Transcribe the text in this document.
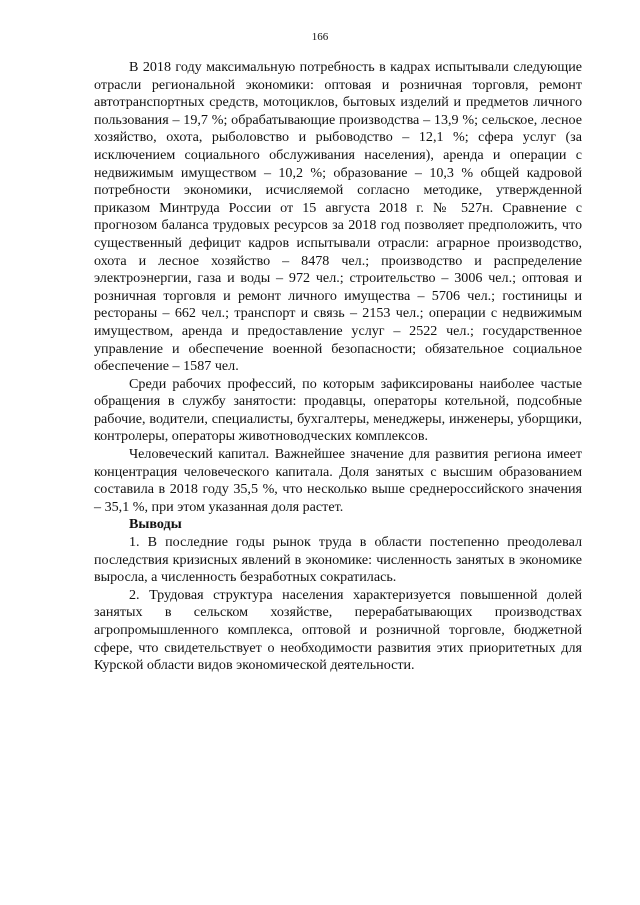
166

В 2018 году максимальную потребность в кадрах испытывали следующие отрасли региональной экономики: оптовая и розничная торговля, ремонт автотранспортных средств, мотоциклов, бытовых изделий и предметов личного пользования – 19,7 %; обрабатывающие производства – 13,9 %; сельское, лесное хозяйство, охота, рыболовство и рыбоводство – 12,1 %; сфера услуг (за исключением социального обслуживания населения), аренда и операции с недвижимым имуществом – 10,2 %; образование – 10,3 % общей кадровой потребности экономики, исчисляемой согласно методике, утвержденной приказом Минтруда России от 15 августа 2018 г. № 527н. Сравнение с прогнозом баланса трудовых ресурсов за 2018 год позволяет предположить, что существенный дефицит кадров испытывали отрасли: аграрное производство, охота и лесное хозяйство – 8478 чел.; производство и распределение электроэнергии, газа и воды – 972 чел.; строительство – 3006 чел.; оптовая и розничная торговля и ремонт личного имущества – 5706 чел.; гостиницы и рестораны – 662 чел.; транспорт и связь – 2153 чел.; операции с недвижимым имуществом, аренда и предоставление услуг – 2522 чел.; государственное управление и обеспечение военной безопасности; обязательное социальное обеспечение – 1587 чел.

Среди рабочих профессий, по которым зафиксированы наиболее частые обращения в службу занятости: продавцы, операторы котельной, подсобные рабочие, водители, специалисты, бухгалтеры, менеджеры, инженеры, уборщики, контролеры, операторы животноводческих комплексов.

Человеческий капитал. Важнейшее значение для развития региона имеет концентрация человеческого капитала. Доля занятых с высшим образованием составила в 2018 году 35,5 %, что несколько выше среднероссийского значения – 35,1 %, при этом указанная доля растет.

Выводы

1. В последние годы рынок труда в области постепенно преодолевал последствия кризисных явлений в экономике: численность занятых в экономике выросла, а численность безработных сократилась.

2. Трудовая структура населения характеризуется повышенной долей занятых в сельском хозяйстве, перерабатывающих производствах агропромышленного комплекса, оптовой и розничной торговле, бюджетной сфере, что свидетельствует о необходимости развития этих приоритетных для Курской области видов экономической деятельности.
